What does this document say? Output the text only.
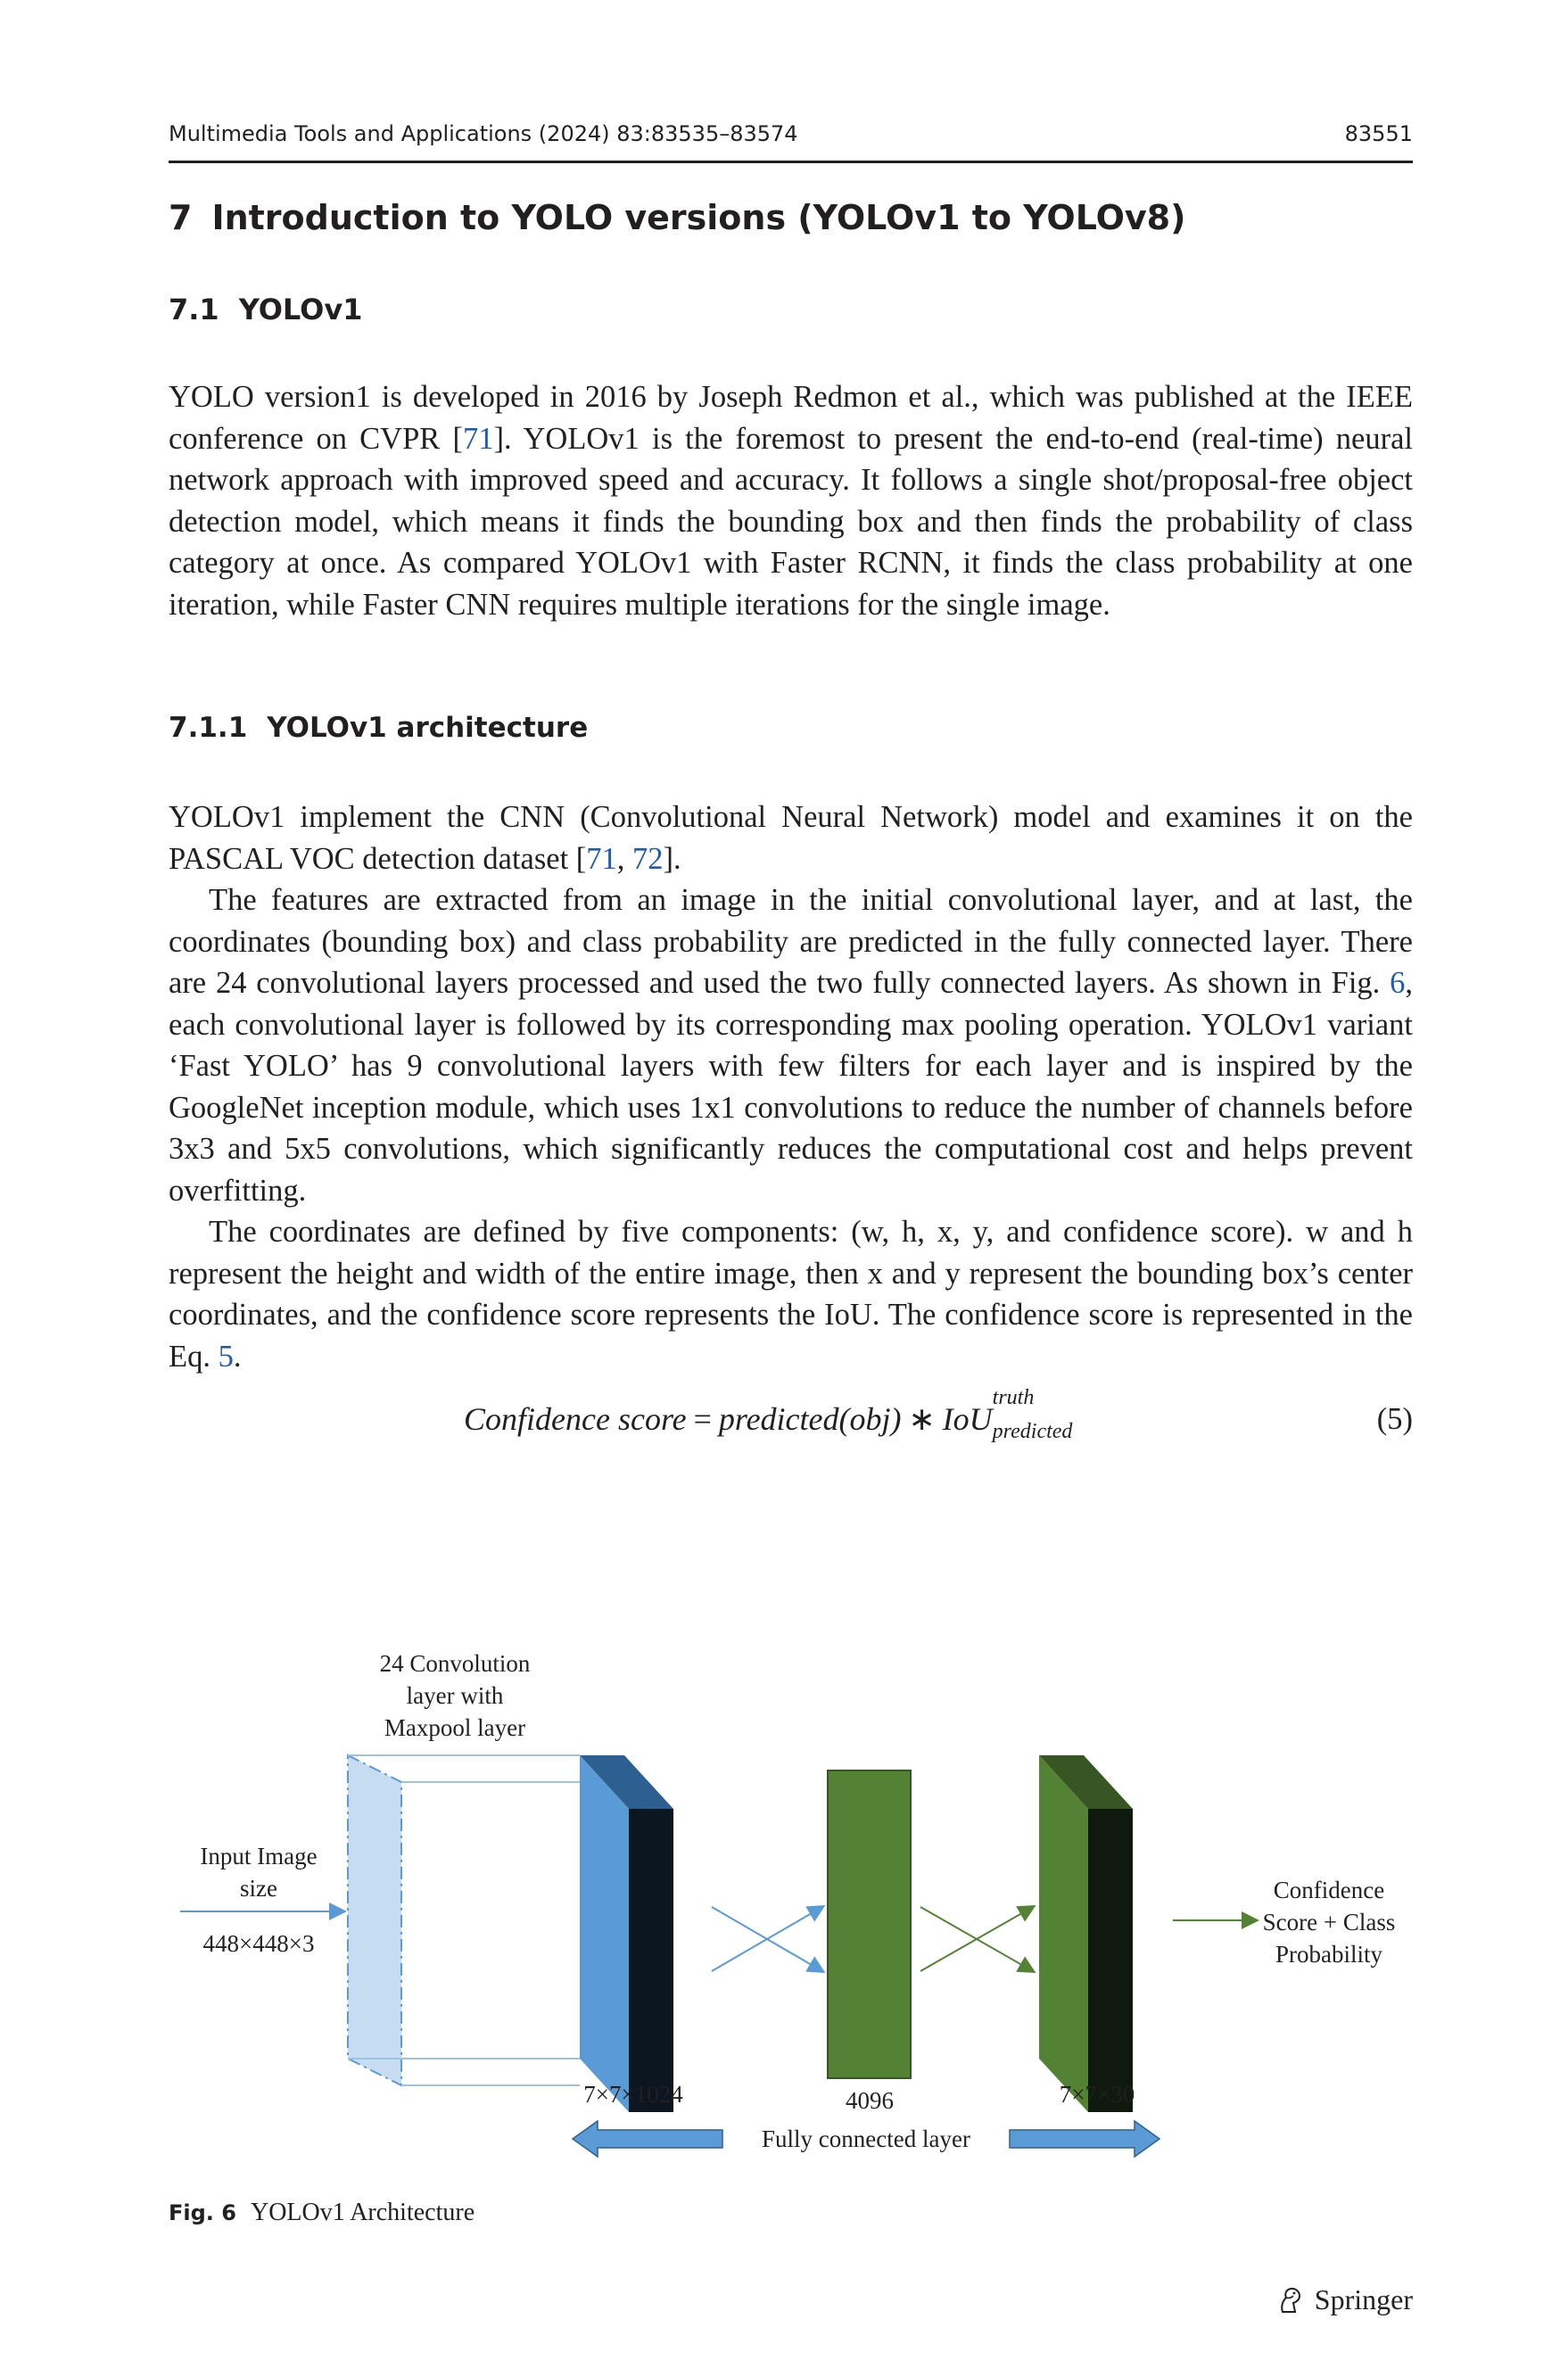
Multimedia Tools and Applications (2024) 83:83535–83574	83551
7 Introduction to YOLO versions (YOLOv1 to YOLOv8)
7.1 YOLOv1
YOLO version1 is developed in 2016 by Joseph Redmon et al., which was published at the IEEE conference on CVPR [71]. YOLOv1 is the foremost to present the end-to-end (real-time) neural network approach with improved speed and accuracy. It follows a single shot/proposal-free object detection model, which means it finds the bounding box and then finds the probability of class category at once. As compared YOLOv1 with Faster RCNN, it finds the class probability at one iteration, while Faster CNN requires multiple iterations for the single image.
7.1.1 YOLOv1 architecture
YOLOv1 implement the CNN (Convolutional Neural Network) model and examines it on the PASCAL VOC detection dataset [71, 72].
The features are extracted from an image in the initial convolutional layer, and at last, the coordinates (bounding box) and class probability are predicted in the fully connected layer. There are 24 convolutional layers processed and used the two fully connected layers. As shown in Fig. 6, each convolutional layer is followed by its corresponding max pooling operation. YOLOv1 variant ‘Fast YOLO’ has 9 convolutional layers with few filters for each layer and is inspired by the GoogleNet inception module, which uses 1x1 convolutions to reduce the number of channels before 3x3 and 5x5 convolutions, which significantly reduces the computational cost and helps prevent overfitting.
The coordinates are defined by five components: (w, h, x, y, and confidence score). w and h represent the height and width of the entire image, then x and y represent the bounding box’s center coordinates, and the confidence score represents the IoU. The confidence score is represented in the Eq. 5.
Confidence score = predicted(obj) ∗ IoU
truth
predicted	(5)
24 Convolution
layer with
Maxpool layer
Input Image
size
448×448×3
Confidence
Score + Class
Probability
7×7×1024	4096	7×7×30
Fully connected layer
Fig. 6 YOLOv1 Architecture
Springer
